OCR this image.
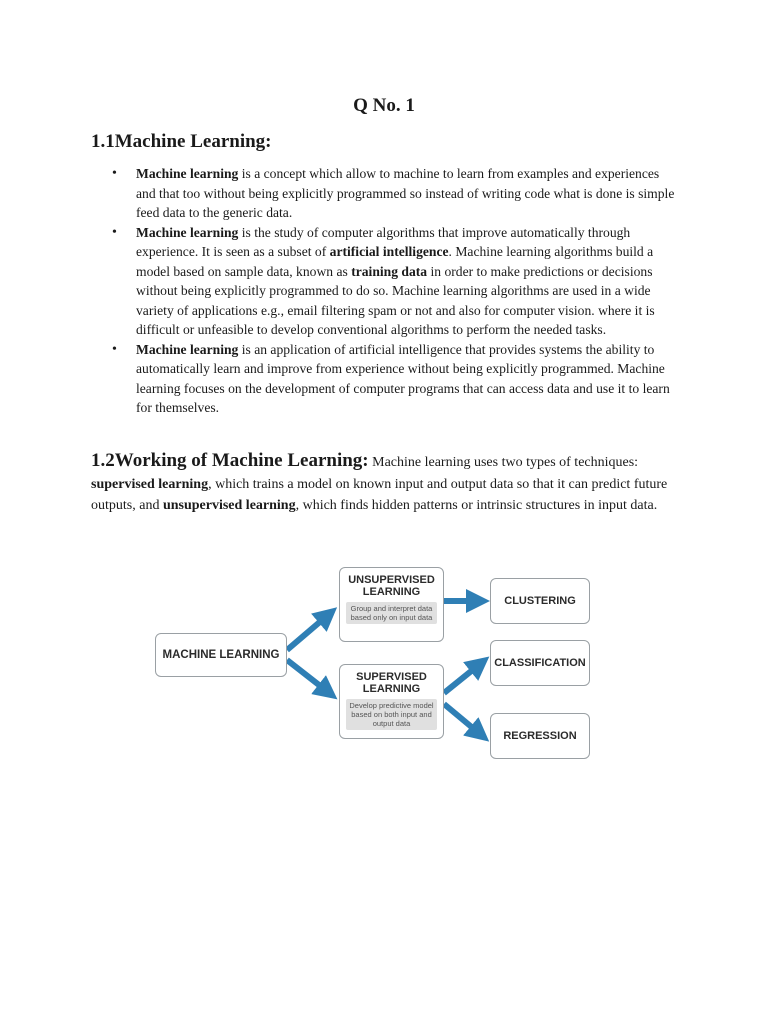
Q No. 1
1.1Machine Learning:
• Machine learning is a concept which allow to machine to learn from examples and experiences and that too without being explicitly programmed so instead of writing code what is done is simple feed data to the generic data.
• Machine learning is the study of computer algorithms that improve automatically through experience. It is seen as a subset of artificial intelligence. Machine learning algorithms build a model based on sample data, known as training data in order to make predictions or decisions without being explicitly programmed to do so. Machine learning algorithms are used in a wide variety of applications e.g., email filtering spam or not and also for computer vision. where it is difficult or unfeasible to develop conventional algorithms to perform the needed tasks.
• Machine learning is an application of artificial intelligence that provides systems the ability to automatically learn and improve from experience without being explicitly programmed. Machine learning focuses on the development of computer programs that can access data and use it to learn for themselves.
1.2Working of Machine Learning: Machine learning uses two types of techniques: supervised learning, which trains a model on known input and output data so that it can predict future outputs, and unsupervised learning, which finds hidden patterns or intrinsic structures in input data.
MACHINE LEARNING
UNSUPERVISED
LEARNING
Group and interpret data based only on input data
SUPERVISED
LEARNING
Develop predictive model based on both input and output data
CLUSTERING
CLASSIFICATION
REGRESSION
